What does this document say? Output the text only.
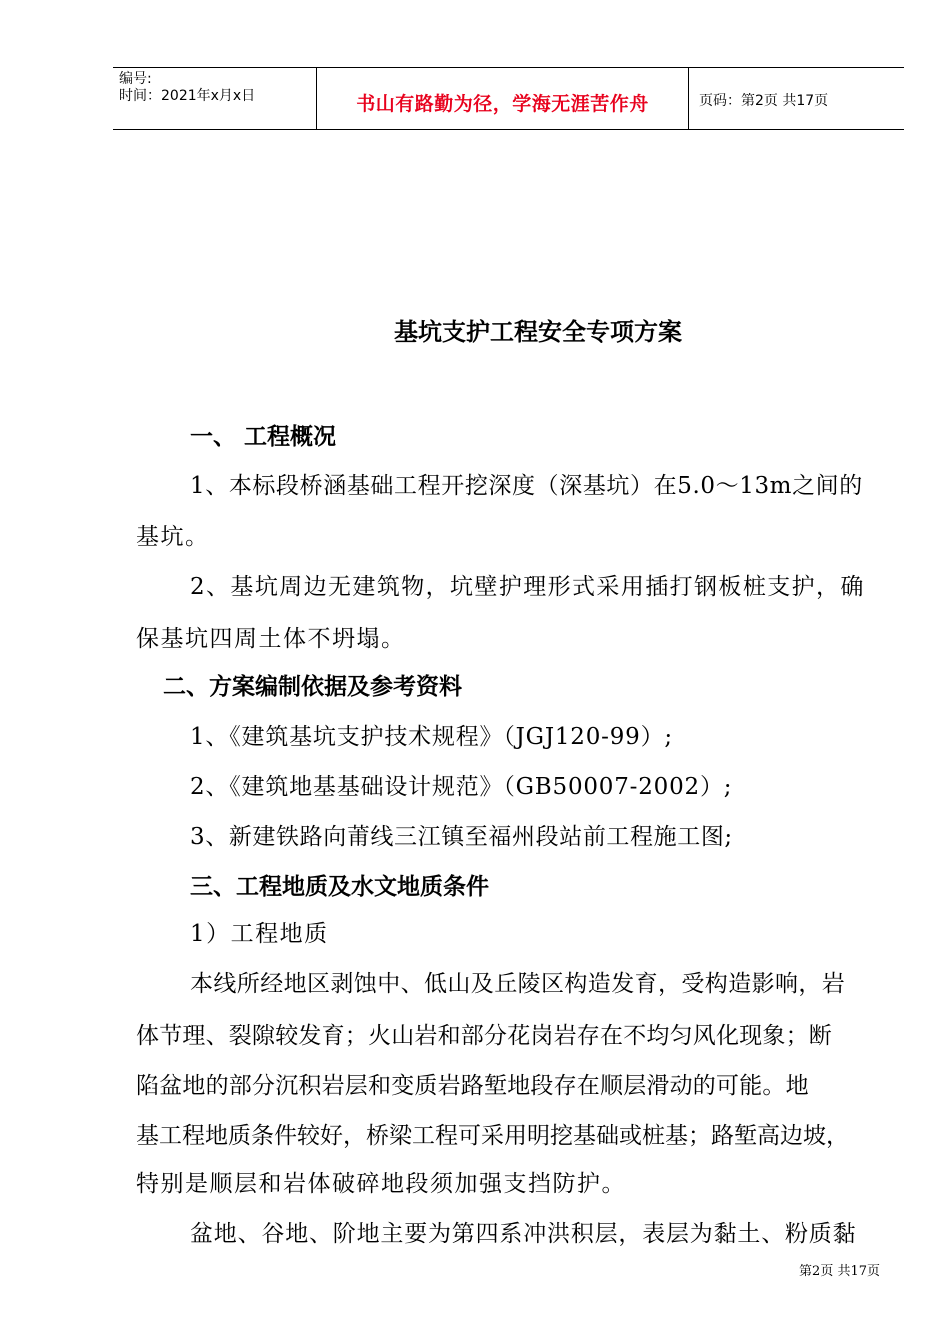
编号:
时间：2021年x月x日	书山有路勤为径，学海无涯苦作舟	页码：第2页 共17页
基坑支护工程安全专项方案
一、 工程概况
1、本标段桥涵基础工程开挖深度（深基坑）在5.0～13m之间的
基坑。
2、基坑周边无建筑物，坑壁护理形式采用插打钢板桩支护，确
保基坑四周土体不坍塌。
二、方案编制依据及参考资料
1、《建筑基坑支护技术规程》（JGJ120-99）;
2、《建筑地基基础设计规范》（GB50007-2002）;
3、新建铁路向莆线三江镇至福州段站前工程施工图;
三、工程地质及水文地质条件
1）工程地质
本线所经地区剥蚀中、低山及丘陵区构造发育，受构造影响，岩
体节理、裂隙较发育；火山岩和部分花岗岩存在不均匀风化现象；断
陷盆地的部分沉积岩层和变质岩路堑地段存在顺层滑动的可能。地
基工程地质条件较好，桥梁工程可采用明挖基础或桩基；路堑高边坡，
特别是顺层和岩体破碎地段须加强支挡防护。
盆地、谷地、阶地主要为第四系冲洪积层，表层为黏土、粉质黏
第2页 共17页
